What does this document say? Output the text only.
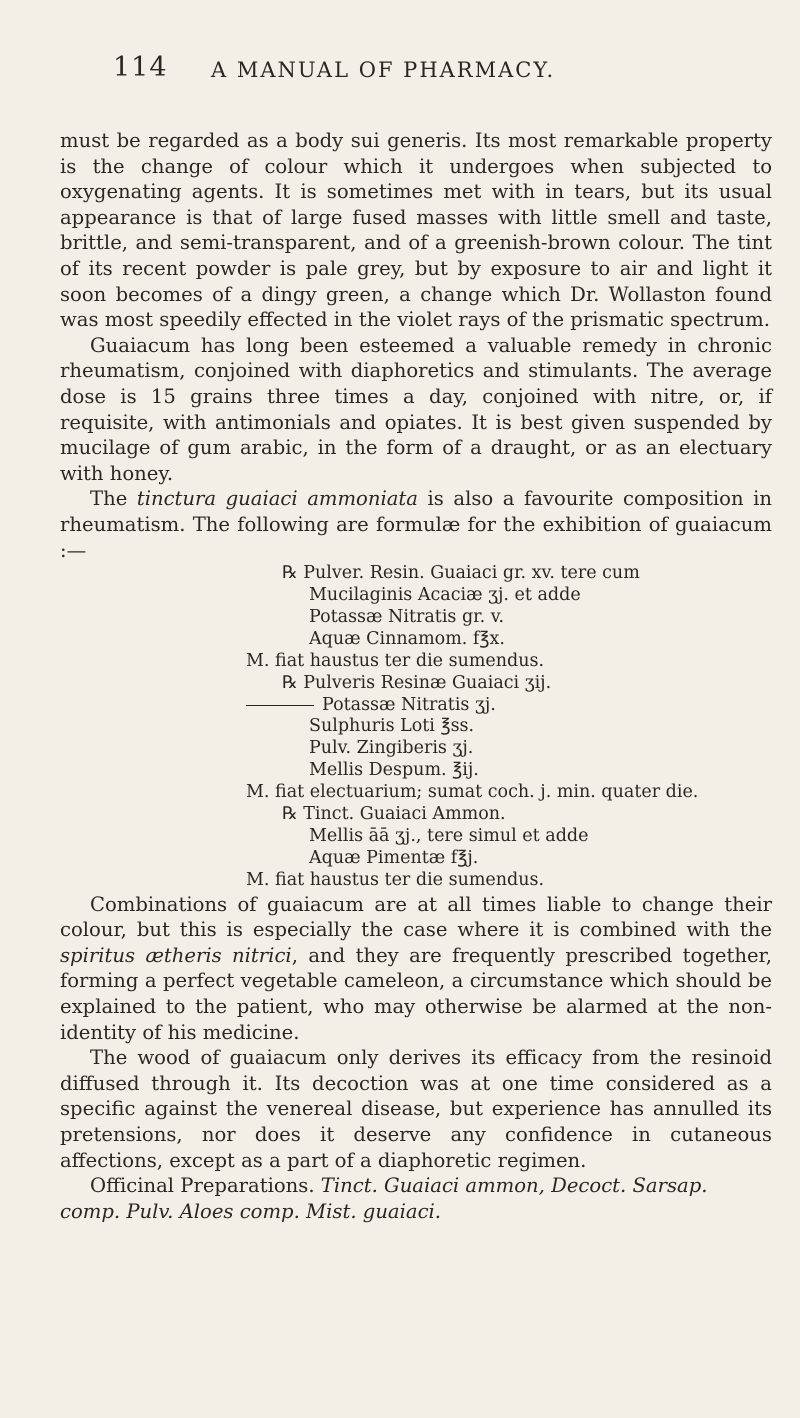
114 A MANUAL OF PHARMACY.

must be regarded as a body sui generis. Its most remarkable property is the change of colour which it undergoes when subjected to oxygenating agents. It is sometimes met with in tears, but its usual appearance is that of large fused masses with little smell and taste, brittle, and semi-transparent, and of a greenish-brown colour. The tint of its recent powder is pale grey, but by exposure to air and light it soon becomes of a dingy green, a change which Dr. Wollaston found was most speedily effected in the violet rays of the prismatic spectrum.

Guaiacum has long been esteemed a valuable remedy in chronic rheumatism, conjoined with diaphoretics and stimulants. The average dose is 15 grains three times a day, conjoined with nitre, or, if requisite, with antimonials and opiates. It is best given suspended by mucilage of gum arabic, in the form of a draught, or as an electuary with honey.

The tinctura guaiaci ammoniata is also a favourite composition in rheumatism. The following are formulæ for the exhibition of guaiacum :—

℞ Pulver. Resin. Guaiaci gr. xv. tere cum
Mucilaginis Acaciæ ʒj. et adde
Potassæ Nitratis gr. v.
Aquæ Cinnamom. f℥x.
M. fiat haustus ter die sumendus.
℞ Pulveris Resinæ Guaiaci ʒij.
Potassæ Nitratis ʒj.
Sulphuris Loti ℥ss.
Pulv. Zingiberis ʒj.
Mellis Despum. ℥ij.
M. fiat electuarium; sumat coch. j. min. quater die.
℞ Tinct. Guaiaci Ammon.
Mellis āā ʒj., tere simul et adde
Aquæ Pimentæ f℥j.
M. fiat haustus ter die sumendus.

Combinations of guaiacum are at all times liable to change their colour, but this is especially the case where it is combined with the spiritus ætheris nitrici, and they are frequently prescribed together, forming a perfect vegetable cameleon, a circumstance which should be explained to the patient, who may otherwise be alarmed at the non-identity of his medicine.

The wood of guaiacum only derives its efficacy from the resinoid diffused through it. Its decoction was at one time considered as a specific against the venereal disease, but experience has annulled its pretensions, nor does it deserve any confidence in cutaneous affections, except as a part of a diaphoretic regimen.

Officinal Preparations. Tinct. Guaiaci ammon, Decoct. Sarsap. comp. Pulv. Aloes comp. Mist. guaiaci.
